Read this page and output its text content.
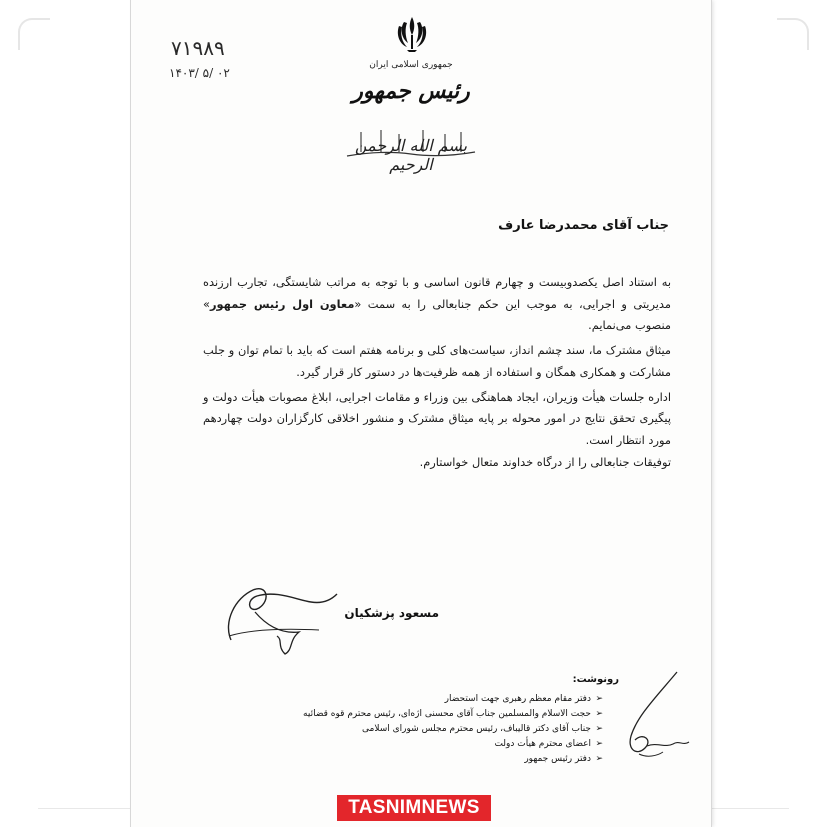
۷۱۹۸۹
۱۴۰۳/ ۵/ ۰۲
جمهوری اسلامی ایران
رئیس جمهور
بسم الله الرحمن الرحیم
جناب آقای محمدرضا عارف

به استناد اصل یکصدوبیست و چهارم قانون اساسی و با توجه به مراتب شایستگی، تجارب ارزنده مدیریتی و اجرایی، به موجب این حکم جنابعالی را به سمت «معاون اول رئیس جمهور» منصوب می‌نمایم.

میثاق مشترک ما، سند چشم انداز، سیاست‌های کلی و برنامه هفتم است که باید با تمام توان و جلب مشارکت و همکاری همگان و استفاده از همه ظرفیت‌ها در دستور کار قرار گیرد.

اداره جلسات هیأت وزیران، ایجاد هماهنگی بین وزراء و مقامات اجرایی، ابلاغ مصوبات هیأت دولت و پیگیری تحقق نتایج در امور محوله بر پایه میثاق مشترک و منشور اخلاقی کارگزاران دولت چهاردهم مورد انتظار است.

توفیقات جنابعالی را از درگاه خداوند متعال خواستارم.

مسعود پزشکیان
رونوشت:
➢
دفتر مقام معظم رهبری جهت استحضار
➢
حجت الاسلام والمسلمین جناب آقای محسنی اژه‌ای، رئیس محترم قوه قضائیه
➢
جناب آقای دکتر قالیباف، رئیس محترم مجلس شورای اسلامی
➢
اعضای محترم هیأت دولت
➢
دفتر رئیس جمهور
TASNIMNEWS
